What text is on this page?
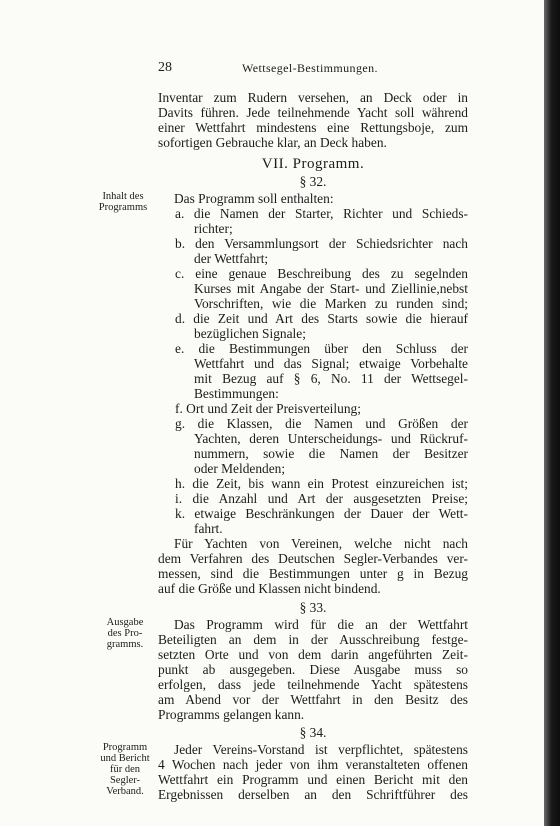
28	Wettsegel-Bestimmungen.
Inventar zum Rudern versehen, an Deck oder in
Davits führen. Jede teilnehmende Yacht soll während
einer Wettfahrt mindestens eine Rettungsboje, zum
sofortigen Gebrauche klar, an Deck haben.
VII. Programm.
§ 32.
Inhalt des
Programms
Das Programm soll enthalten:
a. die Namen der Starter, Richter und Schieds-
richter;
b. den Versammlungsort der Schiedsrichter nach
der Wettfahrt;
c. eine genaue Beschreibung des zu segelnden
Kurses mit Angabe der Start- und Ziellinie,nebst
Vorschriften, wie die Marken zu runden sind;
d. die Zeit und Art des Starts sowie die hierauf
bezüglichen Signale;
e. die Bestimmungen über den Schluss der
Wettfahrt und das Signal; etwaige Vorbehalte
mit Bezug auf § 6, No. 11 der Wettsegel-
Bestimmungen:
f. Ort und Zeit der Preisverteilung;
g. die Klassen, die Namen und Größen der
Yachten, deren Unterscheidungs- und Rückruf-
nummern, sowie die Namen der Besitzer
oder Meldenden;
h. die Zeit, bis wann ein Protest einzureichen ist;
i. die Anzahl und Art der ausgesetzten Preise;
k. etwaige Beschränkungen der Dauer der Wett-
fahrt.
Für Yachten von Vereinen, welche nicht nach
dem Verfahren des Deutschen Segler-Verbandes ver-
messen, sind die Bestimmungen unter g in Bezug
auf die Größe und Klassen nicht bindend.
§ 33.
Ausgabe
des Pro-
gramms.
Das Programm wird für die an der Wettfahrt
Beteiligten an dem in der Ausschreibung festge-
setzten Orte und von dem darin angeführten Zeit-
punkt ab ausgegeben. Diese Ausgabe muss so
erfolgen, dass jede teilnehmende Yacht spätestens
am Abend vor der Wettfahrt in den Besitz des
Programms gelangen kann.
§ 34.
Programm
und Bericht
für den
Segler-
Verband.
Jeder Vereins-Vorstand ist verpflichtet, spätestens
4 Wochen nach jeder von ihm veranstalteten offenen
Wettfahrt ein Programm und einen Bericht mit den
Ergebnissen derselben an den Schriftführer des
